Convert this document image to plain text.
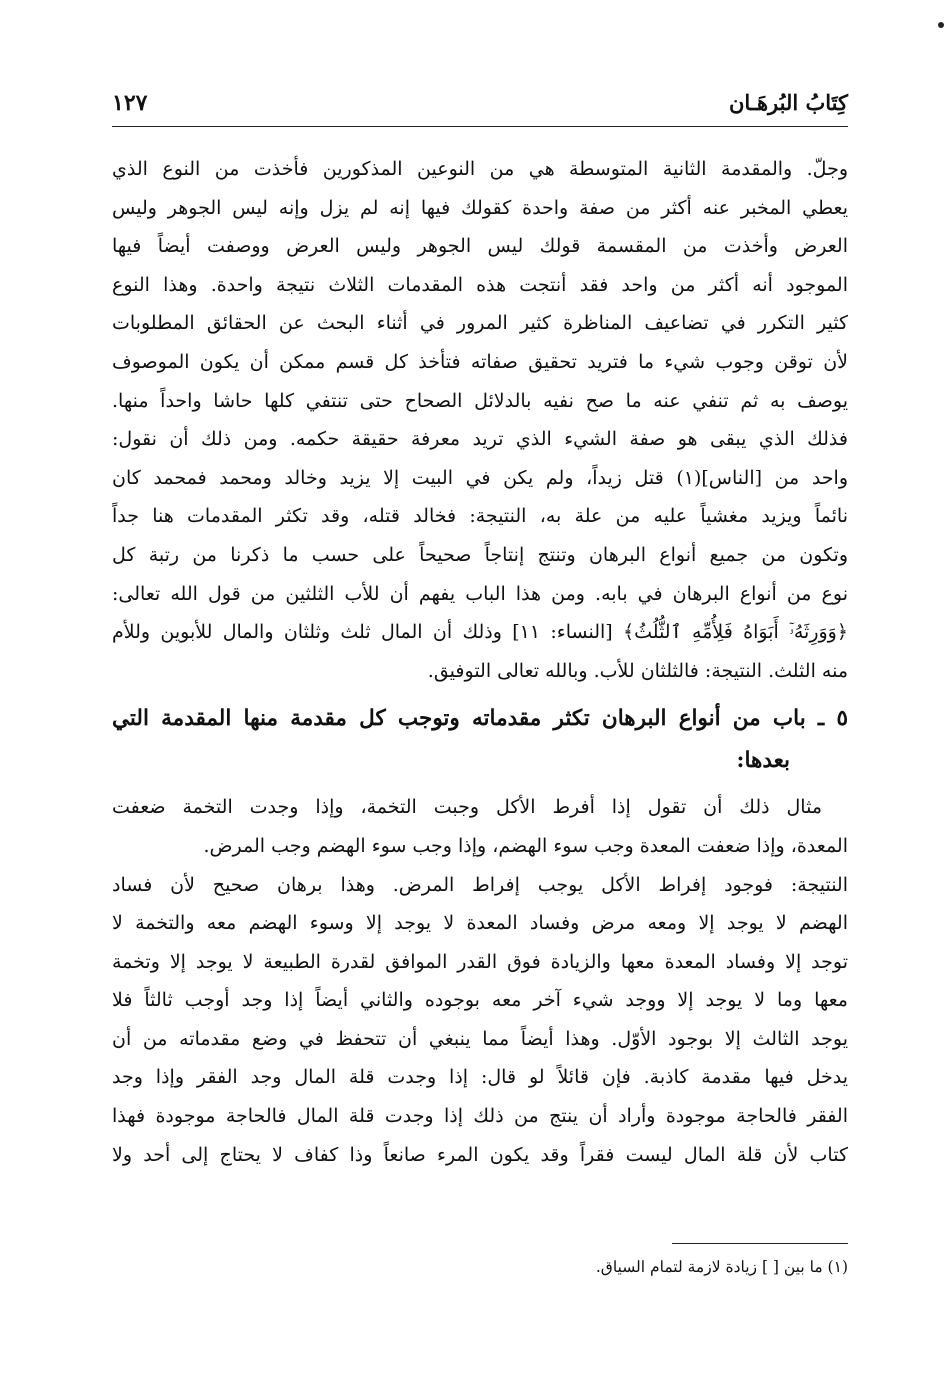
كِتَابُ البُرهَـان
١٢٧
وجلّ. والمقدمة الثانية المتوسطة هي من النوعين المذكورين فأخذت من النوع الذي
يعطي المخبر عنه أكثر من صفة واحدة كقولك فيها إنه لم يزل وإنه ليس الجوهر وليس
العرض وأخذت من المقسمة قولك ليس الجوهر وليس العرض ووصفت أيضاً فيها
الموجود أنه أكثر من واحد فقد أنتجت هذه المقدمات الثلاث نتيجة واحدة. وهذا النوع
كثير التكرر في تضاعيف المناظرة كثير المرور في أثناء البحث عن الحقائق المطلوبات
لأن توقن وجوب شيء ما فتريد تحقيق صفاته فتأخذ كل قسم ممكن أن يكون الموصوف
يوصف به ثم تنفي عنه ما صح نفيه بالدلائل الصحاح حتى تنتفي كلها حاشا واحداً منها.
فذلك الذي يبقى هو صفة الشيء الذي تريد معرفة حقيقة حكمه. ومن ذلك أن نقول:
واحد من [الناس](١) قتل زيداً، ولم يكن في البيت إلا يزيد وخالد ومحمد فمحمد كان
نائماً ويزيد مغشياً عليه من علة به، النتيجة: فخالد قتله، وقد تكثر المقدمات هنا جداً
وتكون من جميع أنواع البرهان وتنتج إنتاجاً صحيحاً على حسب ما ذكرنا من رتبة كل
نوع من أنواع البرهان في بابه. ومن هذا الباب يفهم أن للأب الثلثين من قول الله تعالى:
﴿وَوَرِثَهُۥٓ أَبَوَاهُ فَلِأُمِّهِ ٱلثُّلُثُ﴾ [النساء: ١١] وذلك أن المال ثلث وثلثان والمال للأبوين وللأم
منه الثلث. النتيجة: فالثلثان للأب. وبالله تعالى التوفيق.
٥ ـ باب من أنواع البرهان تكثر مقدماته وتوجب كل مقدمة منها المقدمة التي
بعدها:
مثال ذلك أن تقول إذا أفرط الأكل وجبت التخمة، وإذا وجدت التخمة ضعفت
المعدة، وإذا ضعفت المعدة وجب سوء الهضم، وإذا وجب سوء الهضم وجب المرض.
النتيجة: فوجود إفراط الأكل يوجب إفراط المرض. وهذا برهان صحيح لأن فساد
الهضم لا يوجد إلا ومعه مرض وفساد المعدة لا يوجد إلا وسوء الهضم معه والتخمة لا
توجد إلا وفساد المعدة معها والزيادة فوق القدر الموافق لقدرة الطبيعة لا يوجد إلا وتخمة
معها وما لا يوجد إلا ووجد شيء آخر معه بوجوده والثاني أيضاً إذا وجد أوجب ثالثاً فلا
يوجد الثالث إلا بوجود الأوّل. وهذا أيضاً مما ينبغي أن تتحفظ في وضع مقدماته من أن
يدخل فيها مقدمة كاذبة. فإن قائلاً لو قال: إذا وجدت قلة المال وجد الفقر وإذا وجد
الفقر فالحاجة موجودة وأراد أن ينتج من ذلك إذا وجدت قلة المال فالحاجة موجودة فهذا
كتاب لأن قلة المال ليست فقراً وقد يكون المرء صانعاً وذا كفاف لا يحتاج إلى أحد ولا
(١) ما بين [ ] زيادة لازمة لتمام السياق.
